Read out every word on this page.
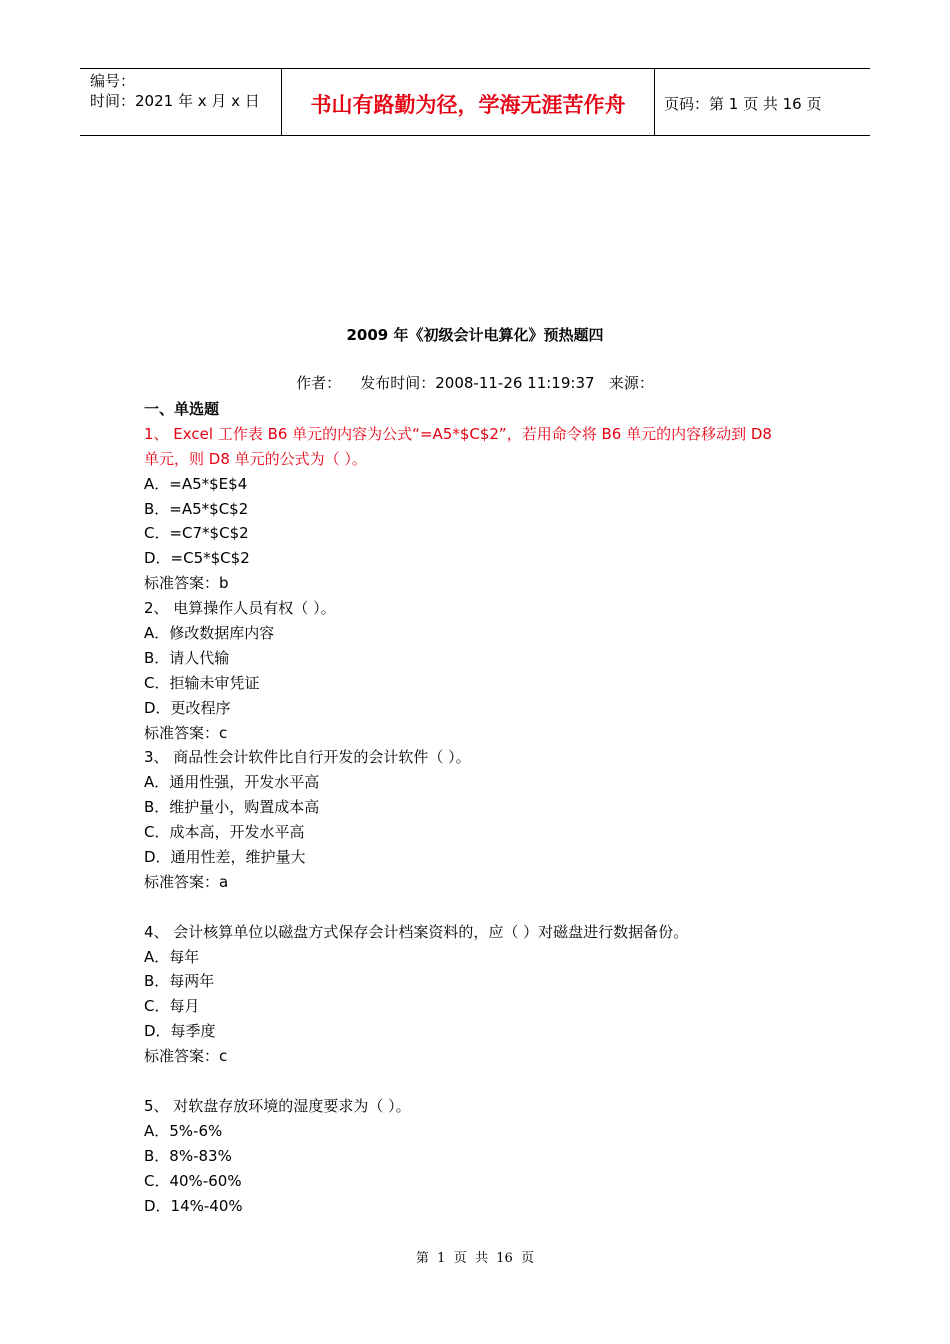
编号：
时间：2021 年 x 月 x 日	书山有路勤为径，学海无涯苦作舟	页码：第 1 页 共 16 页
2009 年《初级会计电算化》预热题四
作者：    发布时间：2008-11-26 11:19:37   来源：
一、单选题
1、 Excel 工作表 B6 单元的内容为公式“=A5*$C$2”，若用命令将 B6 单元的内容移动到 D8
单元，则 D8 单元的公式为（ ）。
A．=A5*$E$4
B．=A5*$C$2
C．=C7*$C$2
D．=C5*$C$2
标准答案：b
2、 电算操作人员有权（ ）。
A．修改数据库内容
B．请人代输
C．拒输未审凭证
D．更改程序
标准答案：c
3、 商品性会计软件比自行开发的会计软件（ ）。
A．通用性强，开发水平高
B．维护量小，购置成本高
C．成本高，开发水平高
D．通用性差，维护量大
标准答案：a
4、 会计核算单位以磁盘方式保存会计档案资料的，应（ ）对磁盘进行数据备份。
A．每年
B．每两年
C．每月
D．每季度
标准答案：c
5、 对软盘存放环境的湿度要求为（ ）。
A．5%-6%
B．8%-83%
C．40%-60%
D．14%-40%
第  1  页  共  16  页
